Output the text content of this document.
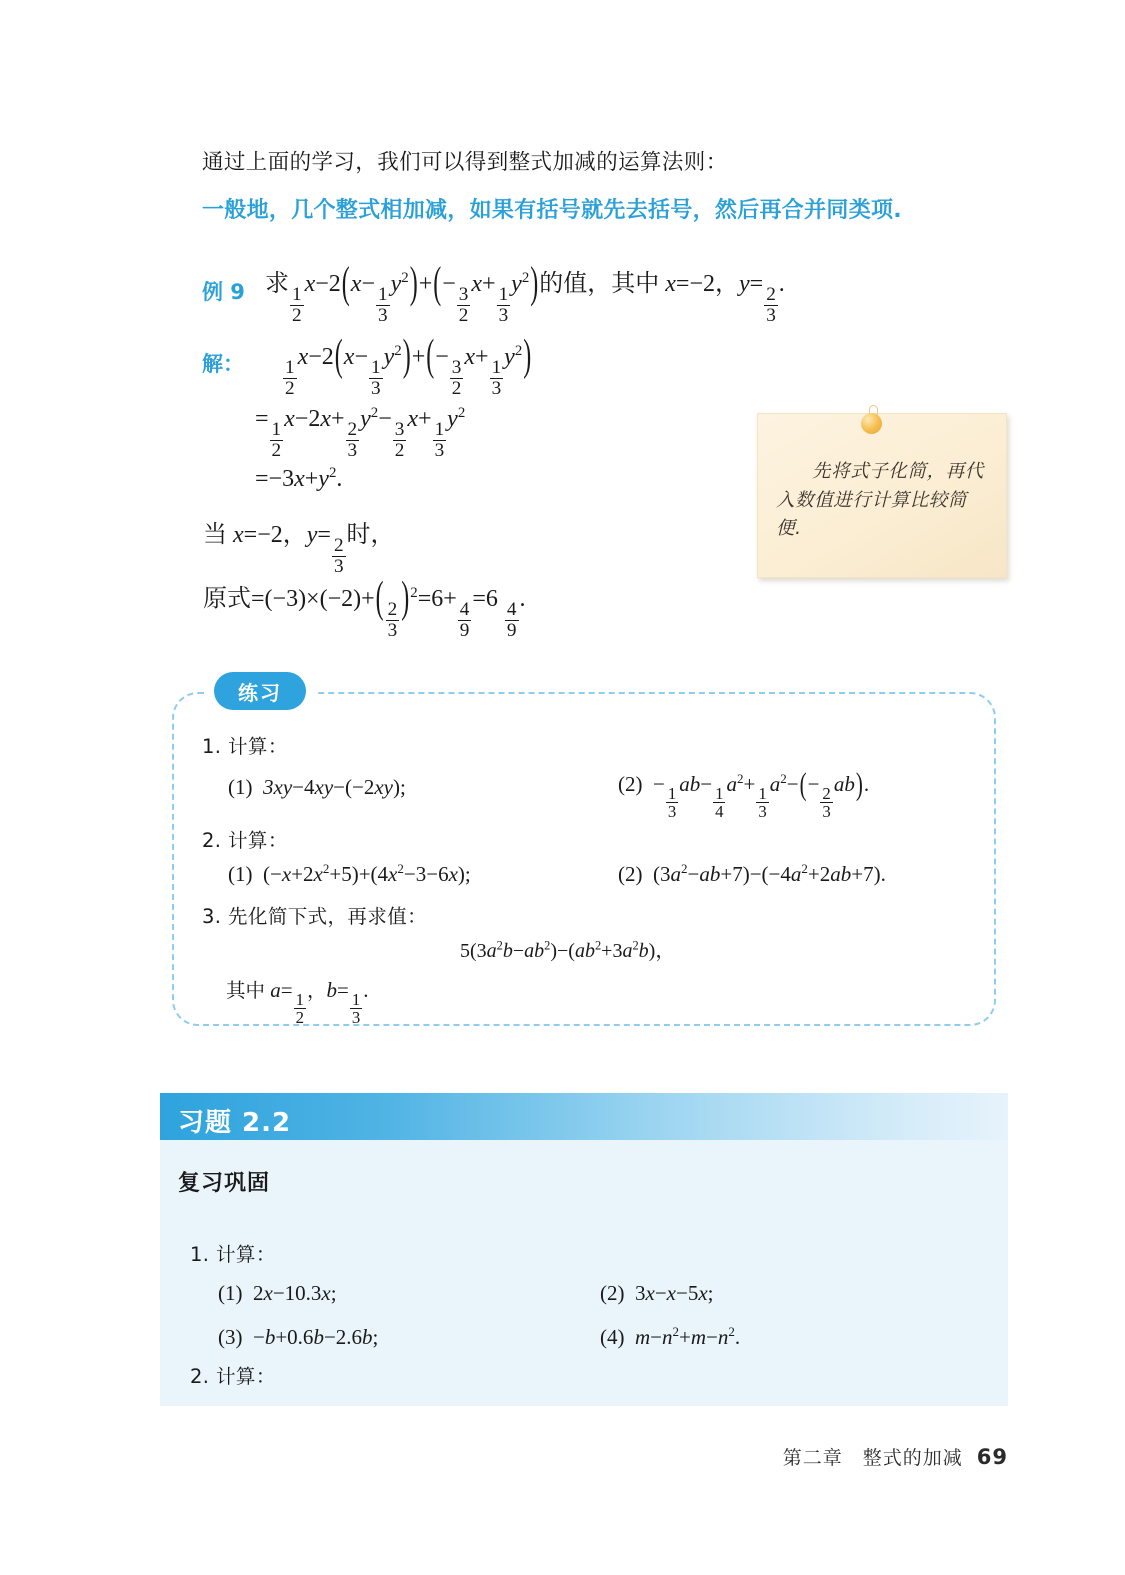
通过上面的学习，我们可以得到整式加减的运算法则：
一般地，几个整式相加减，如果有括号就先去括号，然后再合并同类项.
例 9 求
$\frac{1}{2}$
x−2(x−
$\frac{1}{3}$
$y^2)+(-$
$\frac{3}{2}$
x+
$\frac{1}{3}$
$y^2$)的值，其中 x=−2，y=
$\frac{2}{3}$
.
解： $\frac{1}{2}$
x−2(x−
$\frac{1}{3}$
$y^2)+(-$
$\frac{3}{2}$
x+
$\frac{1}{3}$
$y^2$)
=
$\frac{1}{2}$
x−2x+
$\frac{2}{3}$
$y^2-$
$\frac{3}{2}$
x+
$\frac{1}{3}$
$y^2$
$=-3x+y^2$.
当 x=−2，y=
$\frac{2}{3}$
时，
原式$=(-3)\times(-2)+( \frac{2}{3} )^2=6+$
$\frac{4}{9}$
=6
$\frac{4}{9}$
.
先将式子化简，再代入数值进行计算比较简便.
练习
1. 计算：
(1) 3xy−4xy−(−2xy);	(2) −
$\frac{1}{3}$
ab−
$\frac{1}{4}$
$a^2+$
$\frac{1}{3}$
$a^2-(-$
$\frac{2}{3}$
ab).
2. 计算：
(1) $(-x+2x^2+5)+(4x^2-3-6x)$;	(2) $(3a^2-ab+7)-(-4a^2+2ab+7)$.
3. 先化简下式，再求值：
$5(3a^2b-ab^2)-(ab^2+3a^2b)$，
其中 a=
$\frac{1}{2}$
，b=
$\frac{1}{3}$
.
习题 2.2
复习巩固
1. 计算：
(1) 2x−10.3x;	(2) 3x−x−5x;
(3) −b+0.6b−2.6b;	(4) $m-n^2+m-n^2$.
2. 计算：
第二章　整式的加减 69
